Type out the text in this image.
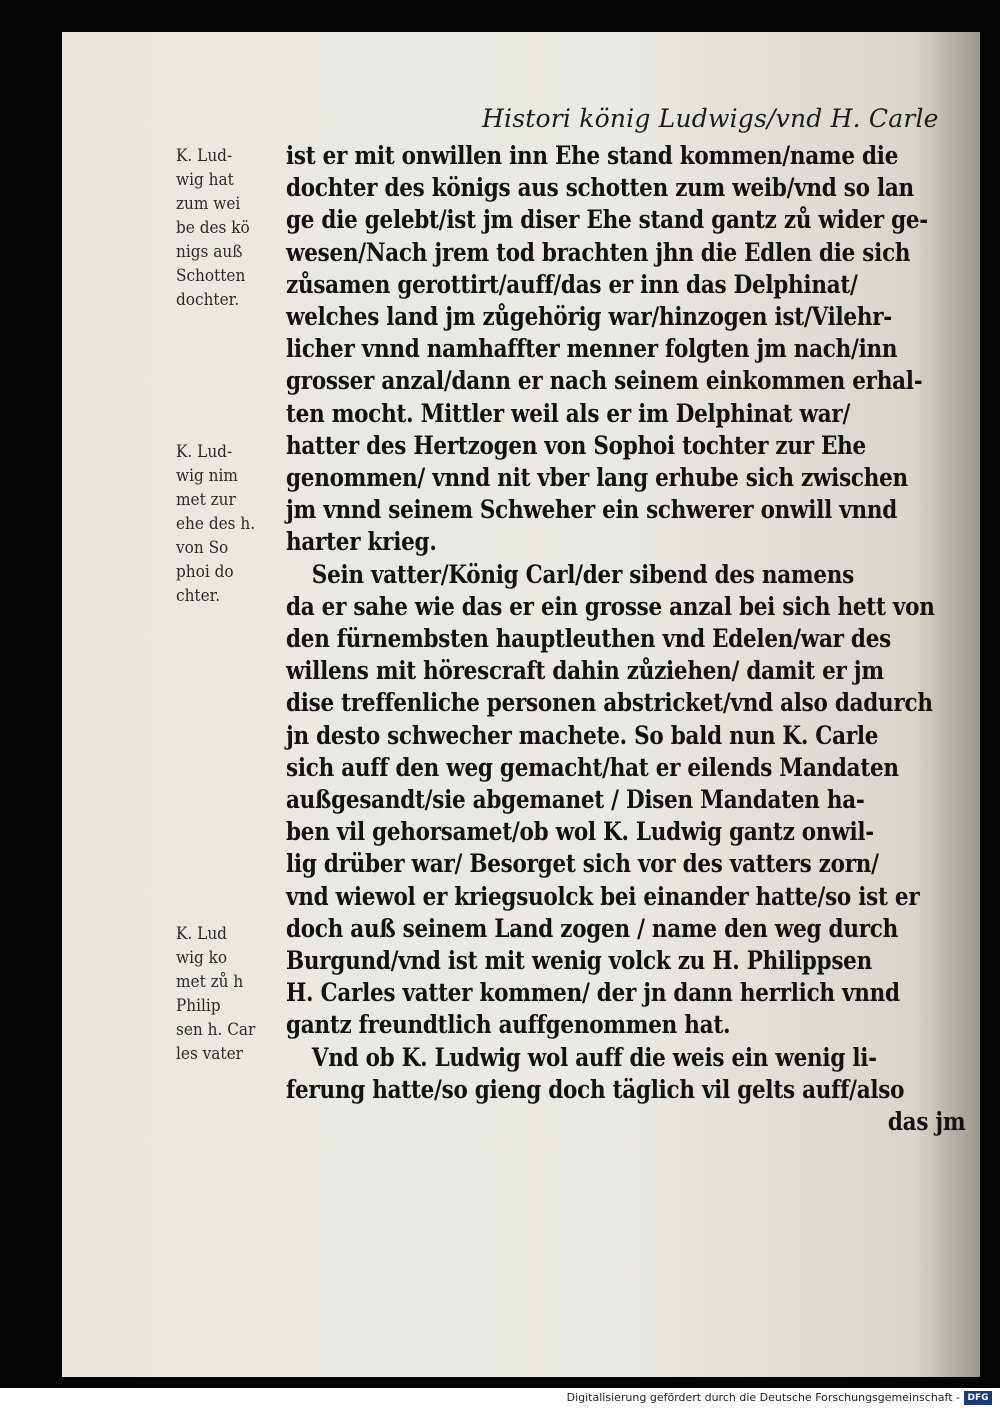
Histori könig Ludwigs/vnd H. Carle
K. Lud-
wig hat
zum wei
be des kö
nigs auß
Schotten
dochter.
K. Lud-
wig nim
met zur
ehe des h.
von So
phoi do
chter.
K. Lud
wig ko
met zů h
Philip
sen h. Car
les vater
ist er mit onwillen inn Ehe stand kommen/name die
dochter des königs aus schotten zum weib/vnd so lan
ge die gelebt/ist jm diser Ehe stand gantz zů wider ge-
wesen/Nach jrem tod brachten jhn die Edlen die sich
zůsamen gerottirt/auff/das er inn das Delphinat/
welches land jm zůgehörig war/hinzogen ist/Vilehr-
licher vnnd namhaffter menner folgten jm nach/inn
grosser anzal/dann er nach seinem einkommen erhal-
ten mocht. Mittler weil als er im Delphinat war/
hatter des Hertzogen von Sophoi tochter zur Ehe
genommen/ vnnd nit vber lang erhube sich zwischen
jm vnnd seinem Schweher ein schwerer onwill vnnd
harter krieg.
Sein vatter/König Carl/der sibend des namens
da er sahe wie das er ein grosse anzal bei sich hett von
den fürnembsten hauptleuthen vnd Edelen/war des
willens mit hörescraft dahin zůziehen/ damit er jm
dise treffenliche personen abstricket/vnd also dadurch
jn desto schwecher machete. So bald nun K. Carle
sich auff den weg gemacht/hat er eilends Mandaten
außgesandt/sie abgemanet / Disen Mandaten ha-
ben vil gehorsamet/ob wol K. Ludwig gantz onwil-
lig drüber war/ Besorget sich vor des vatters zorn/
vnd wiewol er kriegsuolck bei einander hatte/so ist er
doch auß seinem Land zogen / name den weg durch
Burgund/vnd ist mit wenig volck zu H. Philippsen
H. Carles vatter kommen/ der jn dann herrlich vnnd
gantz freundtlich auffgenommen hat.
Vnd ob K. Ludwig wol auff die weis ein wenig li-
ferung hatte/so gieng doch täglich vil gelts auff/also
das jm
Digitalisierung gefördert durch die Deutsche Forschungsgemeinschaft - DFG
